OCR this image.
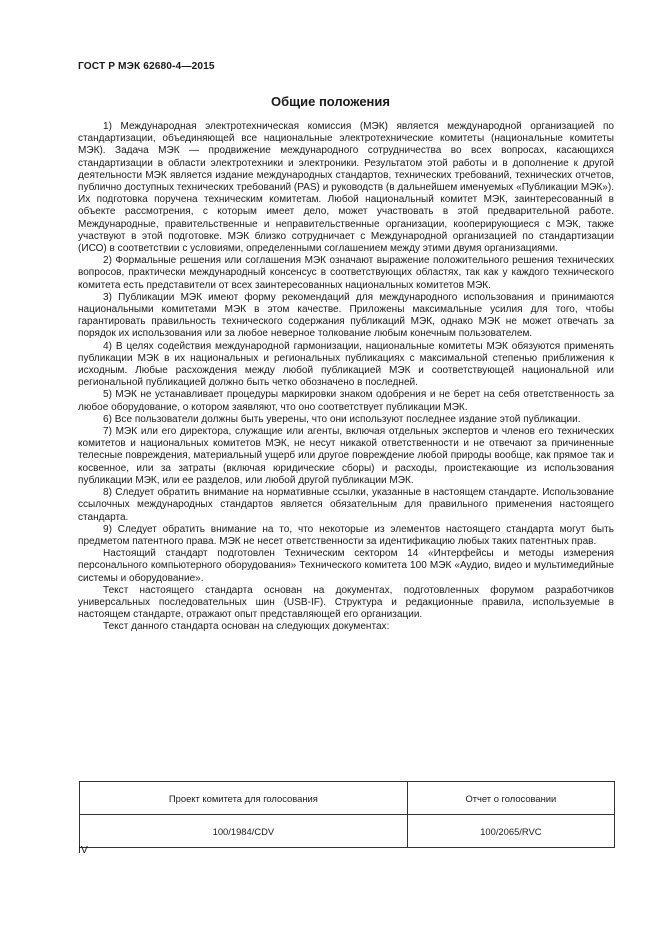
ГОСТ Р МЭК 62680-4—2015
Общие положения

1) Международная электротехническая комиссия (МЭК) является международной организацией по стандартизации, объединяющей все национальные электротехнические комитеты (национальные комитеты МЭК). Задача МЭК — продвижение международного сотрудничества во всех вопросах, касающихся стандартизации в области электротехники и электроники. Результатом этой работы и в дополнение к другой деятельности МЭК является издание международных стандартов, технических требований, технических отчетов, публично доступных технических требований (PAS) и руководств (в дальнейшем именуемых «Публикации МЭК»). Их подготовка поручена техническим комитетам. Любой национальный комитет МЭК, заинтересованный в объекте рассмотрения, с которым имеет дело, может участвовать в этой предварительной работе. Международные, правительственные и неправительственные организации, кооперирующиеся с МЭК, также участвуют в этой подготовке. МЭК близко сотрудничает с Международной организацией по стандартизации (ИСО) в соответствии с условиями, определенными соглашением между этими двумя организациями.

2) Формальные решения или соглашения МЭК означают выражение положительного решения технических вопросов, практически международный консенсус в соответствующих областях, так как у каждого технического комитета есть представители от всех заинтересованных национальных комитетов МЭК.

3) Публикации МЭК имеют форму рекомендаций для международного использования и принимаются национальными комитетами МЭК в этом качестве. Приложены максимальные усилия для того, чтобы гарантировать правильность технического содержания публикаций МЭК, однако МЭК не может отвечать за порядок их использования или за любое неверное толкование любым конечным пользователем.

4) В целях содействия международной гармонизации, национальные комитеты МЭК обязуются применять публикации МЭК в их национальных и региональных публикациях с максимальной степенью приближения к исходным. Любые расхождения между любой публикацией МЭК и соответствующей национальной или региональной публикацией должно быть четко обозначено в последней.

5) МЭК не устанавливает процедуры маркировки знаком одобрения и не берет на себя ответственность за любое оборудование, о котором заявляют, что оно соответствует публикации МЭК.

6) Все пользователи должны быть уверены, что они используют последнее издание этой публикации.

7) МЭК или его директора, служащие или агенты, включая отдельных экспертов и членов его технических комитетов и национальных комитетов МЭК, не несут никакой ответственности и не отвечают за причиненные телесные повреждения, материальный ущерб или другое повреждение любой природы вообще, как прямое так и косвенное, или за затраты (включая юридические сборы) и расходы, проистекающие из использования публикации МЭК, или ее разделов, или любой другой публикации МЭК.

8) Следует обратить внимание на нормативные ссылки, указанные в настоящем стандарте. Использование ссылочных международных стандартов является обязательным для правильного применения настоящего стандарта.

9) Следует обратить внимание на то, что некоторые из элементов настоящего стандарта могут быть предметом патентного права. МЭК не несет ответственности за идентификацию любых таких патентных прав.

Настоящий стандарт подготовлен Техническим сектором 14 «Интерфейсы и методы измерения персонального компьютерного оборудования» Технического комитета 100 МЭК «Аудио, видео и мультимедийные системы и оборудование».

Текст настоящего стандарта основан на документах, подготовленных форумом разработчиков универсальных последовательных шин (USB-IF). Структура и редакционные правила, используемые в настоящем стандарте, отражают опыт представляющей его организации.

Текст данного стандарта основан на следующих документах:

Проект комитета для голосования	Отчет о голосовании
100/1984/CDV	100/2065/RVC
IV
